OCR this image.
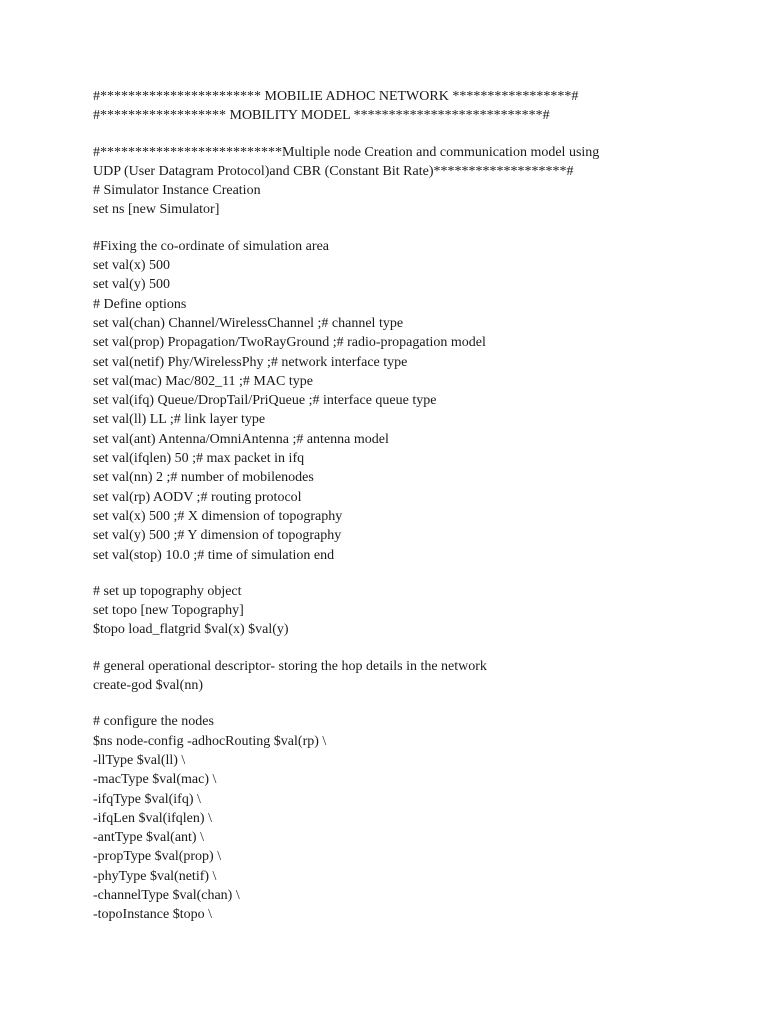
#*********************** MOBILIE ADHOC NETWORK *****************#
#****************** MOBILITY MODEL ***************************#
#**************************Multiple node Creation and communication model using
UDP (User Datagram Protocol)and CBR (Constant Bit Rate)*******************#
# Simulator Instance Creation
set ns [new Simulator]
#Fixing the co-ordinate of simulation area
set val(x) 500
set val(y) 500
# Define options
set val(chan) Channel/WirelessChannel ;# channel type
set val(prop) Propagation/TwoRayGround ;# radio-propagation model
set val(netif) Phy/WirelessPhy ;# network interface type
set val(mac) Mac/802_11 ;# MAC type
set val(ifq) Queue/DropTail/PriQueue ;# interface queue type
set val(ll) LL ;# link layer type
set val(ant) Antenna/OmniAntenna ;# antenna model
set val(ifqlen) 50 ;# max packet in ifq
set val(nn) 2 ;# number of mobilenodes
set val(rp) AODV ;# routing protocol
set val(x) 500 ;# X dimension of topography
set val(y) 500 ;# Y dimension of topography
set val(stop) 10.0 ;# time of simulation end
# set up topography object
set topo [new Topography]
$topo load_flatgrid $val(x) $val(y)
# general operational descriptor- storing the hop details in the network
create-god $val(nn)
# configure the nodes
$ns node-config -adhocRouting $val(rp) \
-llType $val(ll) \
-macType $val(mac) \
-ifqType $val(ifq) \
-ifqLen $val(ifqlen) \
-antType $val(ant) \
-propType $val(prop) \
-phyType $val(netif) \
-channelType $val(chan) \
-topoInstance $topo \
